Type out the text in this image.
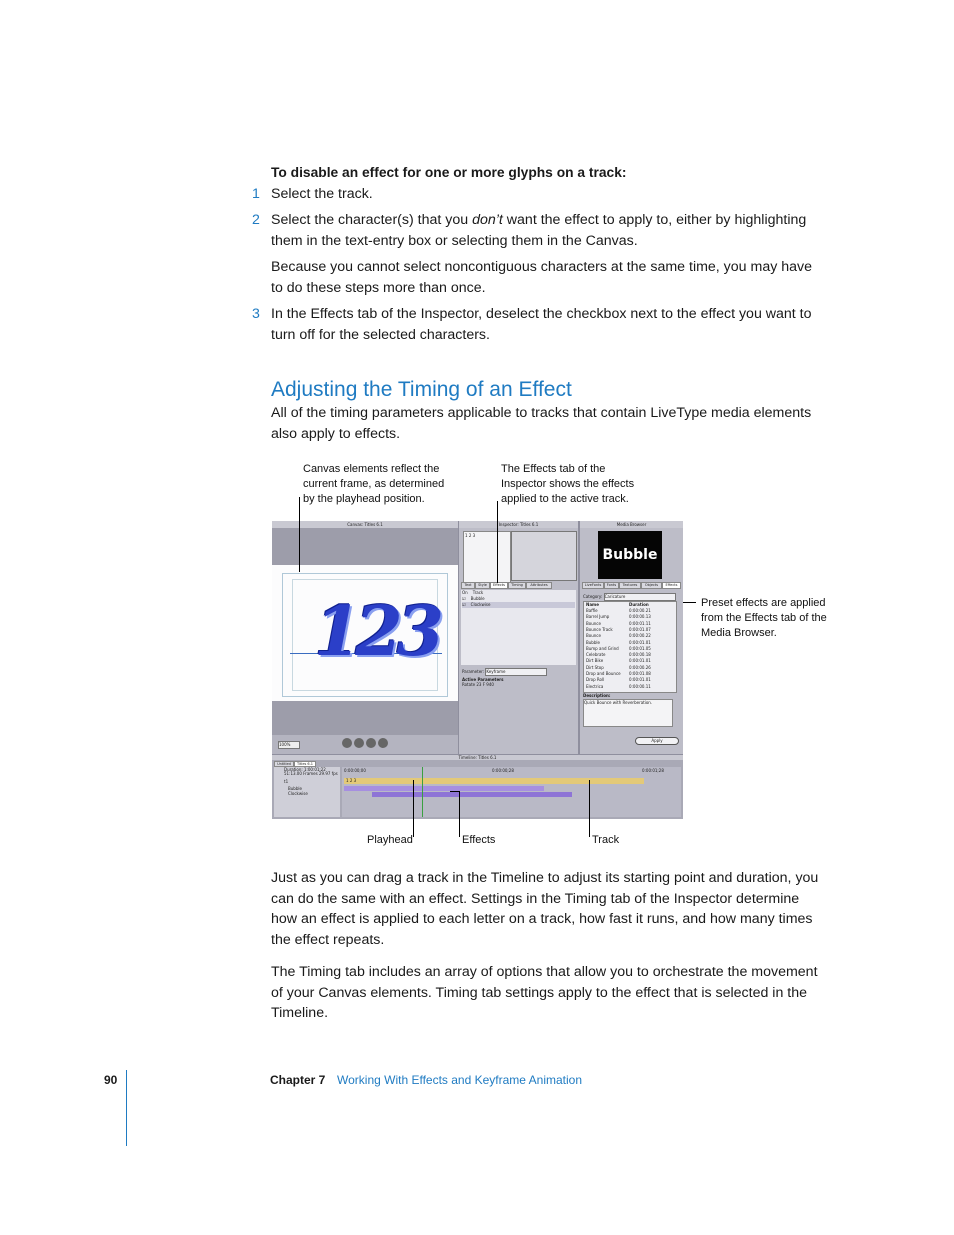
To disable an effect for one or more glyphs on a track:
1 Select the track.
2 Select the character(s) that you don’t want the effect to apply to, either by highlighting them in the text-entry box or selecting them in the Canvas.
Because you cannot select noncontiguous characters at the same time, you may have to do these steps more than once.
3 In the Effects tab of the Inspector, deselect the checkbox next to the effect you want to turn off for the selected characters.
Adjusting the Timing of an Effect
All of the timing parameters applicable to tracks that contain LiveType media elements also apply to effects.
Canvas elements reflect the current frame, as determined by the playhead position.
The Effects tab of the Inspector shows the effects applied to the active track.
Preset effects are applied from the Effects tab of the Media Browser.
Playhead	Effects	Track
Canvas: Titles 6.1
123
100%
Inspector: Titles 6.1
1 2 3
Text	Style	Effects	Timing	Attributes
On Track
☑    Bubble
☑    Clockwise
Parameter: Keyframe
Active Parameters
Rotate 23 F 940
Media Browser
Bubble
LiveFonts	Fonts	Textures	Objects	Effects
Category: Caricature
Name	Duration
Baffle	0:00:00.21
Barrel Jump	0:00:00.13
Bounce	0:00:01.11
Bounce Track	0:00:01.07
Bounce	0:00:00.22
Bubble	0:00:01.01
Bump and Grind	0:00:01.05
Celebrate	0:00:00.18
Dirt Bike	0:00:01.01
Dirt Stop	0:00:00.26
Drop and Bounce 0:00:01.08
Drop Roll	0:00:01.01
Electrica	0:00:00.11
Description:
Quick Bounce with Reverberation.
Apply
Timeline: Titles 6.1
Untitled	Titles 6.1
Duration: 1:00:01;22
51:13.00 Frames 29.97 fps
t1
Bubble
Clockwise
0:00:00;00	0:00:00;28	0:00:01;28
1 2 3
Just as you can drag a track in the Timeline to adjust its starting point and duration, you can do the same with an effect. Settings in the Timing tab of the Inspector determine how an effect is applied to each letter on a track, how fast it runs, and how many times the effect repeats.
The Timing tab includes an array of options that allow you to orchestrate the movement of your Canvas elements. Timing tab settings apply to the effect that is selected in the Timeline.
90	Chapter 7 Working With Effects and Keyframe Animation
